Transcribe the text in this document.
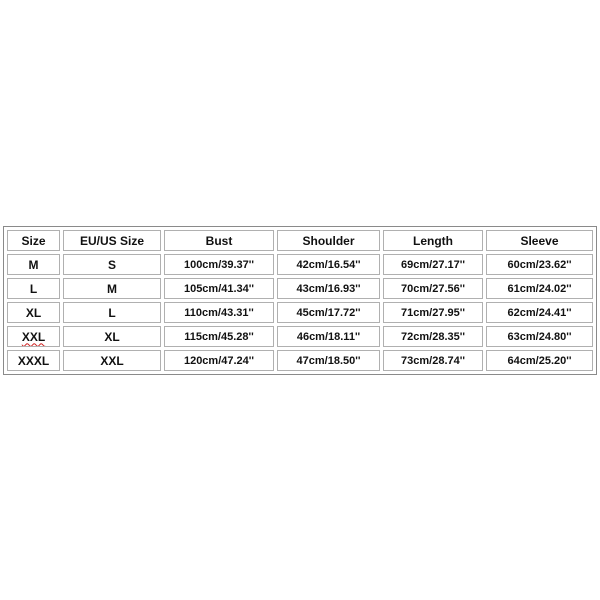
Size	EU/US Size	Bust	Shoulder	Length	Sleeve
M	S	100cm/39.37''	42cm/16.54''	69cm/27.17''	60cm/23.62''
L	M	105cm/41.34''	43cm/16.93''	70cm/27.56''	61cm/24.02''
XL	L	110cm/43.31''	45cm/17.72''	71cm/27.95''	62cm/24.41''
XXL	XL	115cm/45.28''	46cm/18.11''	72cm/28.35''	63cm/24.80''
XXXL	XXL	120cm/47.24''	47cm/18.50''	73cm/28.74''	64cm/25.20''
